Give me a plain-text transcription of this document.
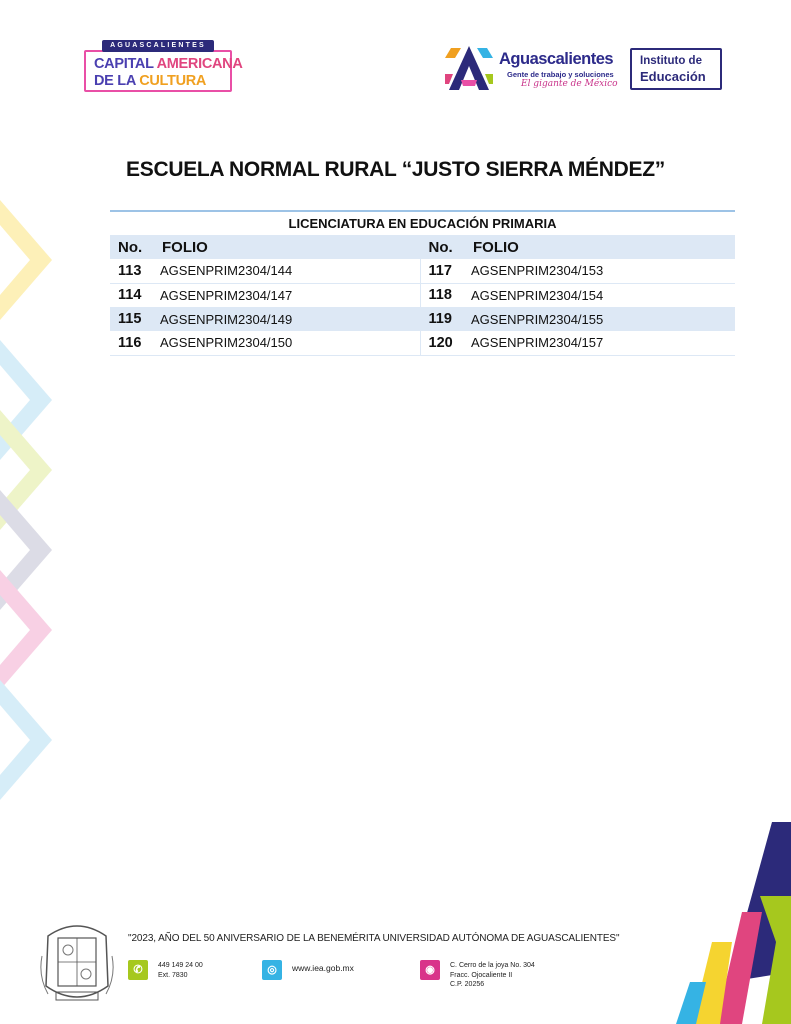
CAPITAL AMERICANA
DE LA CULTURA
AGUASCALIENTES
Aguascalientes
Gente de trabajo y soluciones
El gigante de México
Instituto de
Educación
ESCUELA NORMAL RURAL “JUSTO SIERRA MÉNDEZ”
LICENCIATURA EN EDUCACIÓN PRIMARIA			
No.	FOLIO	No.	FOLIO
113	AGSENPRIM2304/144	117	AGSENPRIM2304/153
114	AGSENPRIM2304/147	118	AGSENPRIM2304/154
115	AGSENPRIM2304/149	119	AGSENPRIM2304/155
116	AGSENPRIM2304/150	120	AGSENPRIM2304/157
"2023, AÑO DEL 50 ANIVERSARIO DE LA BENEMÉRITA UNIVERSIDAD AUTÓNOMA DE AGUASCALIENTES"
✆	449 149 24 00
Ext. 7830	◎	www.iea.gob.mx	◉	C. Cerro de la joya No. 304
Fracc. Ojocaliente II
C.P. 20256
